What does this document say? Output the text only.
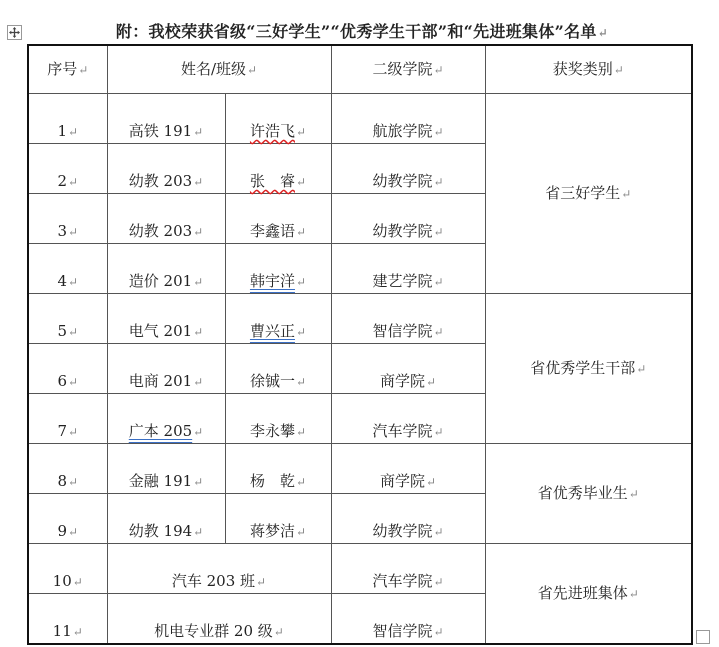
附：我校荣获省级“三好学生”“优秀学生干部”和“先进班集体”名单↵
序号↵	姓名/班级↵		二级学院↵	获奖类别↵
1↵	高铁 191↵	许浩飞↵	航旅学院↵	省三好学生↵
2↵	幼教 203↵	张　睿↵	幼教学院↵	
3↵	幼教 203↵	李鑫语↵	幼教学院↵	
4↵	造价 201↵	韩宇洋↵	建艺学院↵	
5↵	电气 201↵	曹兴正↵	智信学院↵	省优秀学生干部↵
6↵	电商 201↵	徐铖一↵	商学院↵	
7↵	广本 205↵	李永攀↵	汽车学院↵	
8↵	金融 191↵	杨　乾↵	商学院↵	省优秀毕业生↵
9↵	幼教 194↵	蒋梦洁↵	幼教学院↵	
10↵	汽车 203 班↵		汽车学院↵	省先进班集体↵
11↵	机电专业群 20 级↵		智信学院↵	
